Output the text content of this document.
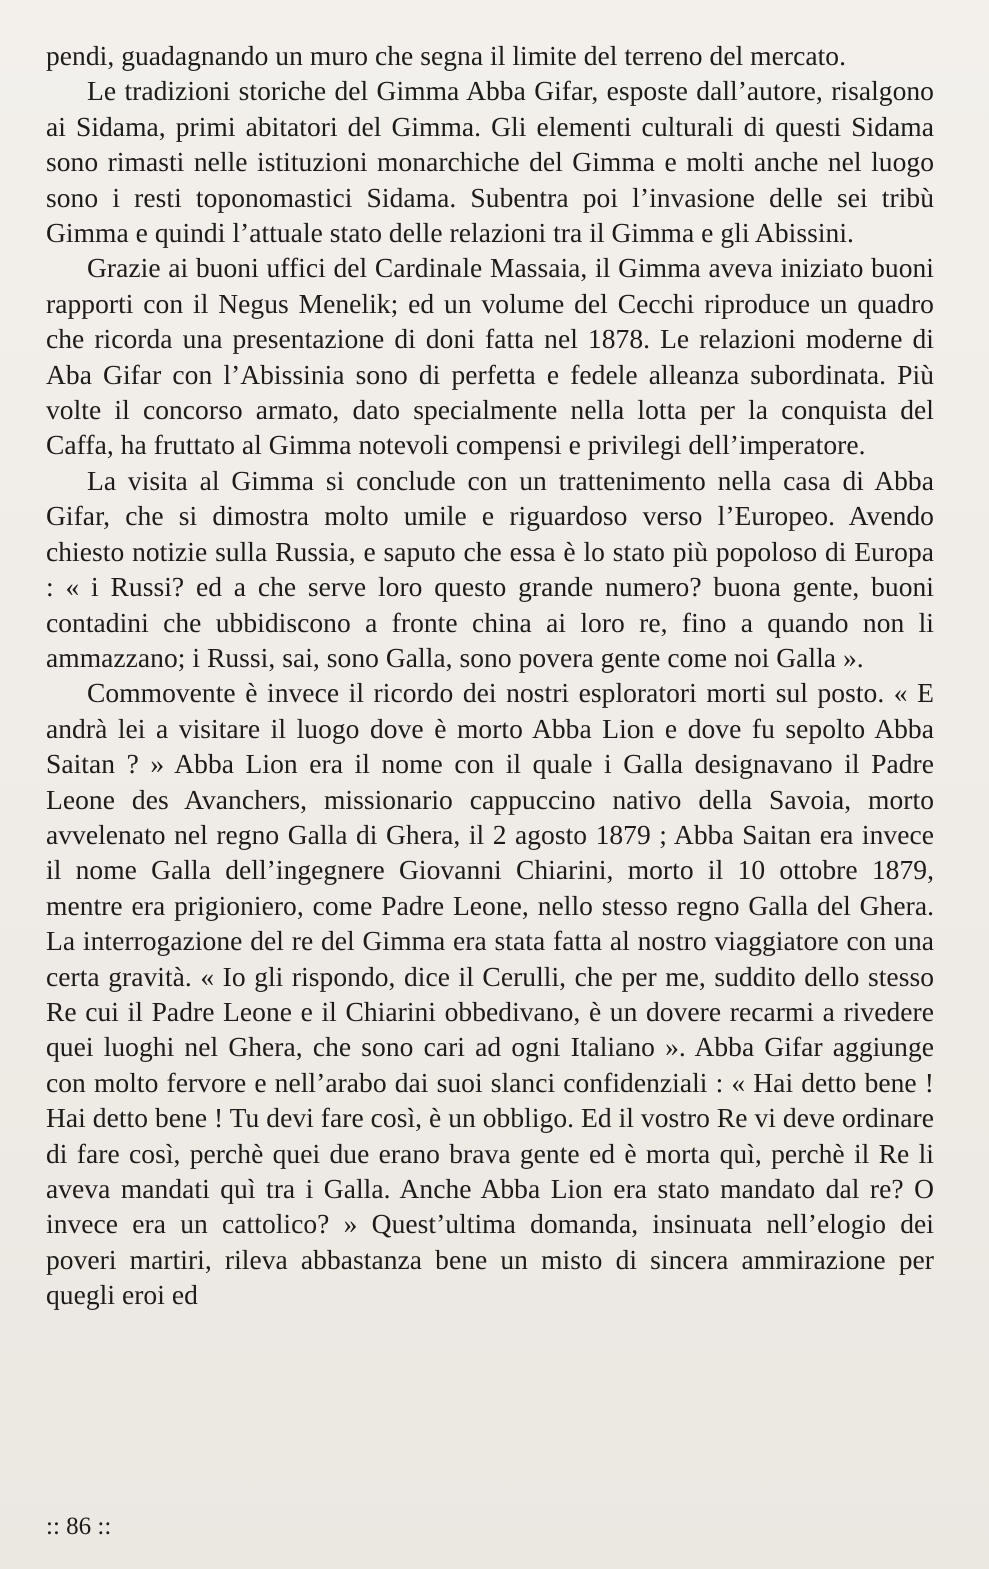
pendi, guadagnando un muro che segna il limite del terreno del mercato.

Le tradizioni storiche del Gimma Abba Gifar, esposte dall’autore, risalgono ai Sidama, primi abitatori del Gimma. Gli elementi culturali di questi Sidama sono rimasti nelle istituzioni monarchiche del Gimma e molti anche nel luogo sono i resti toponomastici Sidama. Subentra poi l’invasione delle sei tribù Gimma e quindi l’attuale stato delle relazioni tra il Gimma e gli Abissini.

Grazie ai buoni uffici del Cardinale Massaia, il Gimma aveva iniziato buoni rapporti con il Negus Menelik; ed un volume del Cecchi riproduce un quadro che ricorda una presentazione di doni fatta nel 1878. Le relazioni moderne di Aba Gifar con l’Abissinia sono di perfetta e fedele alleanza subordinata. Più volte il concorso armato, dato specialmente nella lotta per la conquista del Caffa, ha fruttato al Gimma notevoli compensi e privilegi dell’imperatore.

La visita al Gimma si conclude con un trattenimento nella casa di Abba Gifar, che si dimostra molto umile e riguardoso verso l’Europeo. Avendo chiesto notizie sulla Russia, e saputo che essa è lo stato più popoloso di Europa : « i Russi? ed a che serve loro questo grande numero? buona gente, buoni contadini che ubbidiscono a fronte china ai loro re, fino a quando non li ammazzano; i Russi, sai, sono Galla, sono povera gente come noi Galla ».

Commovente è invece il ricordo dei nostri esploratori morti sul posto. « E andrà lei a visitare il luogo dove è morto Abba Lion e dove fu sepolto Abba Saitan ? » Abba Lion era il nome con il quale i Galla designavano il Padre Leone des Avanchers, missionario cappuccino nativo della Savoia, morto avvelenato nel regno Galla di Ghera, il 2 agosto 1879 ; Abba Saitan era invece il nome Galla dell’ingegnere Giovanni Chiarini, morto il 10 ottobre 1879, mentre era prigioniero, come Padre Leone, nello stesso regno Galla del Ghera. La interrogazione del re del Gimma era stata fatta al nostro viaggiatore con una certa gravità. « Io gli rispondo, dice il Cerulli, che per me, suddito dello stesso Re cui il Padre Leone e il Chiarini obbedivano, è un dovere recarmi a rivedere quei luoghi nel Ghera, che sono cari ad ogni Italiano ». Abba Gifar aggiunge con molto fervore e nell’arabo dai suoi slanci confidenziali : « Hai detto bene ! Hai detto bene ! Tu devi fare così, è un obbligo. Ed il vostro Re vi deve ordinare di fare così, perchè quei due erano brava gente ed è morta quì, perchè il Re li aveva mandati quì tra i Galla. Anche Abba Lion era stato mandato dal re? O invece era un cattolico? » Quest’ultima domanda, insinuata nell’elogio dei poveri martiri, rileva abbastanza bene un misto di sincera ammirazione per quegli eroi ed

:: 86 ::
